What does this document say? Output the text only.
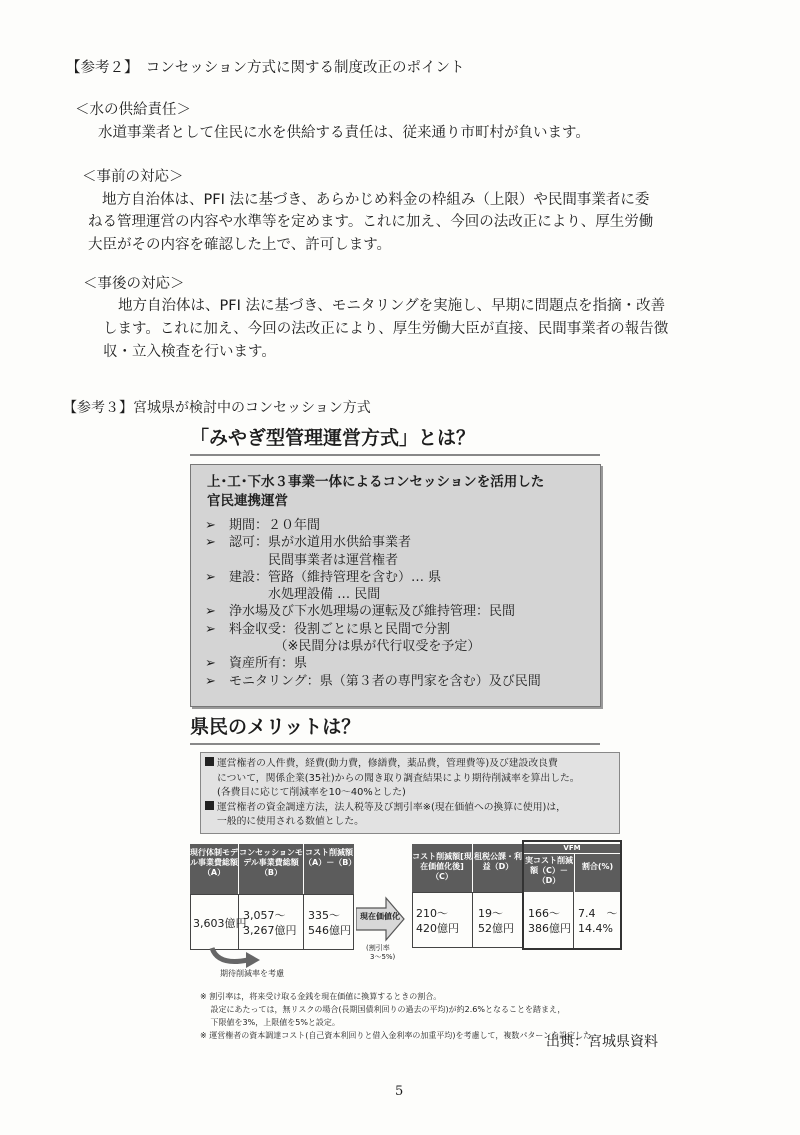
【参考２】　コンセッション方式に関する制度改正のポイント
＜水の供給責任＞
水道事業者として住民に水を供給する責任は、従来通り市町村が負います。
＜事前の対応＞
地方自治体は、PFI 法に基づき、あらかじめ料金の枠組み（上限）や民間事業者に委
ねる管理運営の内容や水準等を定めます。これに加え、今回の法改正により、厚生労働
大臣がその内容を確認した上で、許可します。
＜事後の対応＞
地方自治体は、PFI 法に基づき、モニタリングを実施し、早期に問題点を指摘・改善
します。これに加え、今回の法改正により、厚生労働大臣が直接、民間事業者の報告徴
収・立入検査を行います。
【参考３】宮城県が検討中のコンセッション方式
「みやぎ型管理運営方式」とは？
上･工･下水３事業一体によるコンセッションを活用した
官民連携運営
➢ 期間：２０年間
➢ 認可：県が水道用水供給事業者
　　　民間事業者は運営権者
➢ 建設：管路（維持管理を含む）… 県
　　　水処理設備 … 民間
➢ 浄水場及び下水処理場の運転及び維持管理：民間
➢ 料金収受：役割ごとに県と民間で分割
　　　　（※民間分は県が代行収受を予定）
➢ 資産所有：県
➢ モニタリング：県（第３者の専門家を含む）及び民間
県民のメリットは？
運営権者の人件費，経費(動力費，修繕費，薬品費，管理費等)及び建設改良費
について，関係企業(35社)からの聞き取り調査結果により期待削減率を算出した。
(各費目に応じて削減率を10～40%とした)
運営権者の資金調達方法，法人税等及び割引率※(現在価値への換算に使用)は，
一般的に使用される数値とした。
現行体制モデル事業費総額（A）
コンセッションモデル事業費総額（B）
コスト削減額（A）－（B）
3,603億円
3,057～
3,267億円
335～
546億円
現在価値化
(割引率
3～5%)
期待削減率を考慮
コスト削減額[現在価値化後]（C）
租税公課・利益（D）
VFM
実コスト削減額（C）－（D）
割合(%)
210～
420億円
19～
52億円
166～
386億円
7.4　～
14.4%
※ 割引率は，将来受け取る金銭を現在価値に換算するときの割合。
　 設定にあたっては，無リスクの場合(長期国債利回りの過去の平均)が約2.6%となることを踏まえ，
　 下限値を3%，上限値を5%と設定。
※ 運営権者の資本調達コスト(自己資本利回りと借入金利率の加重平均)を考慮して，複数パターンを設定した。
出典：宮城県資料
5
